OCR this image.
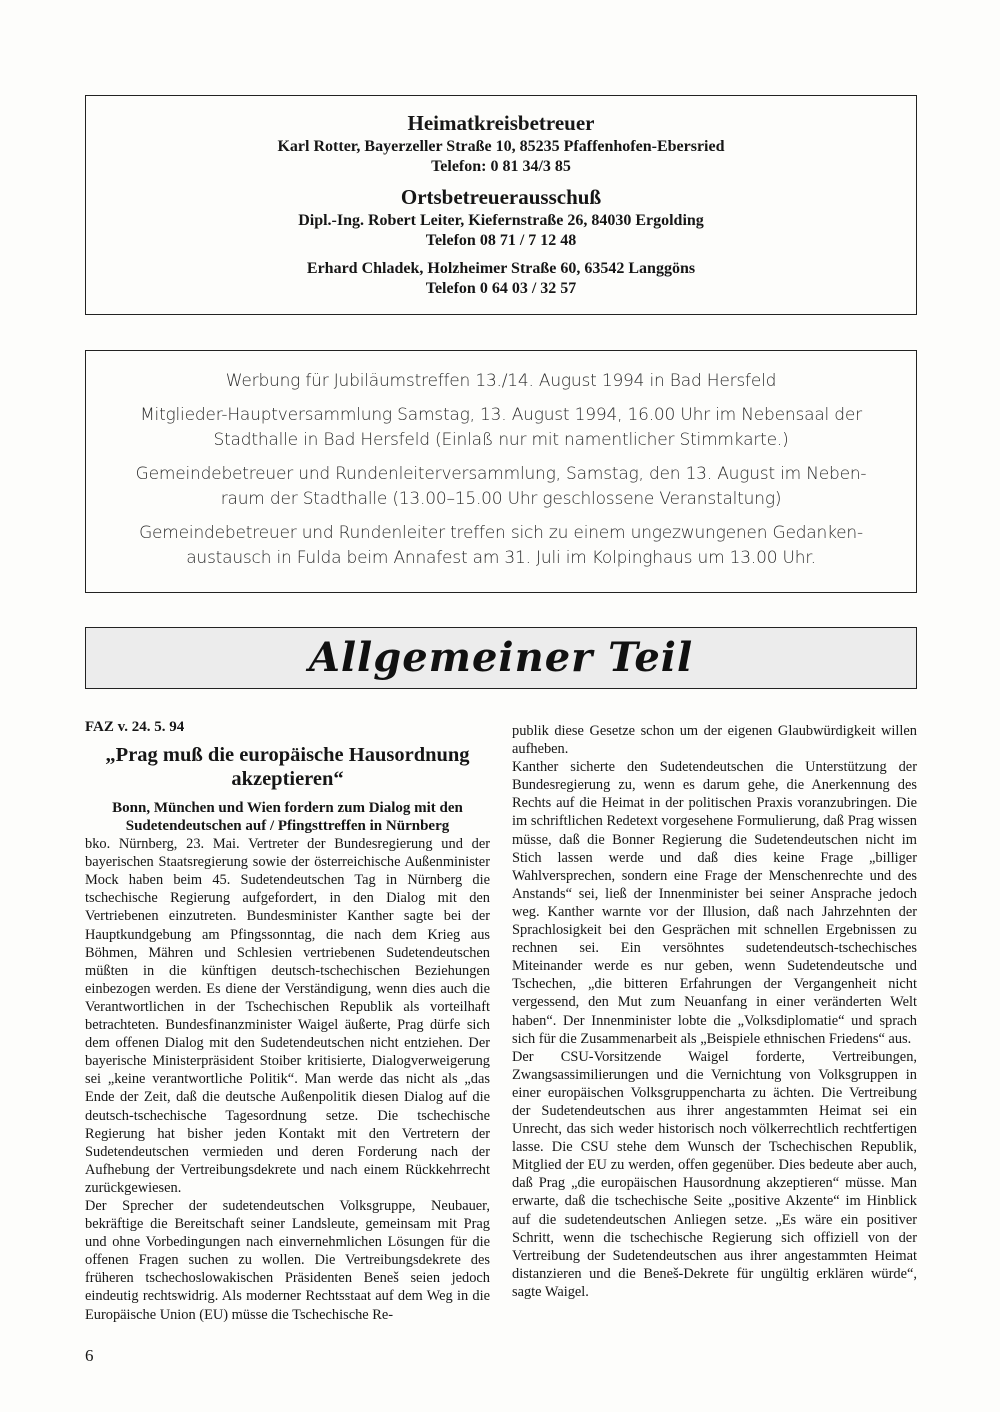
Heimatkreisbetreuer
Karl Rotter, Bayerzeller Straße 10, 85235 Pfaffenhofen-Ebersried
Telefon: 0 81 34/3 85
Ortsbetreuerausschuß
Dipl.-Ing. Robert Leiter, Kiefernstraße 26, 84030 Ergolding
Telefon 08 71 / 7 12 48
Erhard Chladek, Holzheimer Straße 60, 63542 Langgöns
Telefon 0 64 03 / 32 57
Werbung für Jubiläumstreffen 13./14. August 1994 in Bad Hersfeld
Mitglieder-Hauptversammlung Samstag, 13. August 1994, 16.00 Uhr im Nebensaal der
Stadthalle in Bad Hersfeld (Einlaß nur mit namentlicher Stimmkarte.)
Gemeindebetreuer und Rundenleiterversammlung, Samstag, den 13. August im Neben-
raum der Stadthalle (13.00–15.00 Uhr geschlossene Veranstaltung)
Gemeindebetreuer und Rundenleiter treffen sich zu einem ungezwungenen Gedanken-
austausch in Fulda beim Annafest am 31. Juli im Kolpinghaus um 13.00 Uhr.
Allgemeiner Teil
FAZ v. 24. 5. 94
„Prag muß die europäische Hausordnung akzeptieren“
Bonn, München und Wien fordern zum Dialog mit den Sudetendeutschen auf / Pfingsttreffen in Nürnberg

bko. Nürnberg, 23. Mai. Vertreter der Bundesregierung und der bayerischen Staatsregierung sowie der österreichische Außenminister Mock haben beim 45. Sudetendeutschen Tag in Nürnberg die tschechische Regierung aufgefordert, in den Dialog mit den Vertriebenen einzutreten. Bundesminister Kanther sagte bei der Hauptkundgebung am Pfingssonntag, die nach dem Krieg aus Böhmen, Mähren und Schlesien vertriebenen Sudetendeutschen müßten in die künftigen deutsch-tschechischen Beziehungen einbezogen werden. Es diene der Verständigung, wenn dies auch die Verantwortlichen in der Tschechischen Republik als vorteilhaft betrachteten. Bundesfinanzminister Waigel äußerte, Prag dürfe sich dem offenen Dialog mit den Sudetendeutschen nicht entziehen. Der bayerische Ministerpräsident Stoiber kritisierte, Dialogverweigerung sei „keine verantwortliche Politik“. Man werde das nicht als „das Ende der Zeit, daß die deutsche Außenpolitik diesen Dialog auf die deutsch-tschechische Tagesordnung setze. Die tschechische Regierung hat bisher jeden Kontakt mit den Vertretern der Sudetendeutschen vermieden und deren Forderung nach der Aufhebung der Vertreibungsdekrete und nach einem Rückkehrrecht zurückgewiesen.

Der Sprecher der sudetendeutschen Volksgruppe, Neubauer, bekräftige die Bereitschaft seiner Landsleute, gemeinsam mit Prag und ohne Vorbedingungen nach einvernehmlichen Lösungen für die offenen Fragen suchen zu wollen. Die Vertreibungsdekrete des früheren tschechoslowakischen Präsidenten Beneš seien jedoch eindeutig rechtswidrig. Als moderner Rechtsstaat auf dem Weg in die Europäische Union (EU) müsse die Tschechische Re-

publik diese Gesetze schon um der eigenen Glaubwürdigkeit willen aufheben.

Kanther sicherte den Sudetendeutschen die Unterstützung der Bundesregierung zu, wenn es darum gehe, die Anerkennung des Rechts auf die Heimat in der politischen Praxis voranzubringen. Die im schriftlichen Redetext vorgesehene Formulierung, daß Prag wissen müsse, daß die Bonner Regierung die Sudetendeutschen nicht im Stich lassen werde und daß dies keine Frage „billiger Wahlversprechen, sondern eine Frage der Menschenrechte und des Anstands“ sei, ließ der Innenminister bei seiner Ansprache jedoch weg. Kanther warnte vor der Illusion, daß nach Jahrzehnten der Sprachlosigkeit bei den Gesprächen mit schnellen Ergebnissen zu rechnen sei. Ein versöhntes sudetendeutsch-tschechisches Miteinander werde es nur geben, wenn Sudetendeutsche und Tschechen, „die bitteren Erfahrungen der Vergangenheit nicht vergessend, den Mut zum Neuanfang in einer veränderten Welt haben“. Der Innenminister lobte die „Volksdiplomatie“ und sprach sich für die Zusammenarbeit als „Beispiele ethnischen Friedens“ aus.

Der CSU-Vorsitzende Waigel forderte, Vertreibungen, Zwangsassimilierungen und die Vernichtung von Volksgruppen in einer europäischen Volksgruppencharta zu ächten. Die Vertreibung der Sudetendeutschen aus ihrer angestammten Heimat sei ein Unrecht, das sich weder historisch noch völkerrechtlich rechtfertigen lasse. Die CSU stehe dem Wunsch der Tschechischen Republik, Mitglied der EU zu werden, offen gegenüber. Dies bedeute aber auch, daß Prag „die europäischen Hausordnung akzeptieren“ müsse. Man erwarte, daß die tschechische Seite „positive Akzente“ im Hinblick auf die sudetendeutschen Anliegen setze. „Es wäre ein positiver Schritt, wenn die tschechische Regierung sich offiziell von der Vertreibung der Sudetendeutschen aus ihrer angestammten Heimat distanzieren und die Beneš-Dekrete für ungültig erklären würde“, sagte Waigel.

6
